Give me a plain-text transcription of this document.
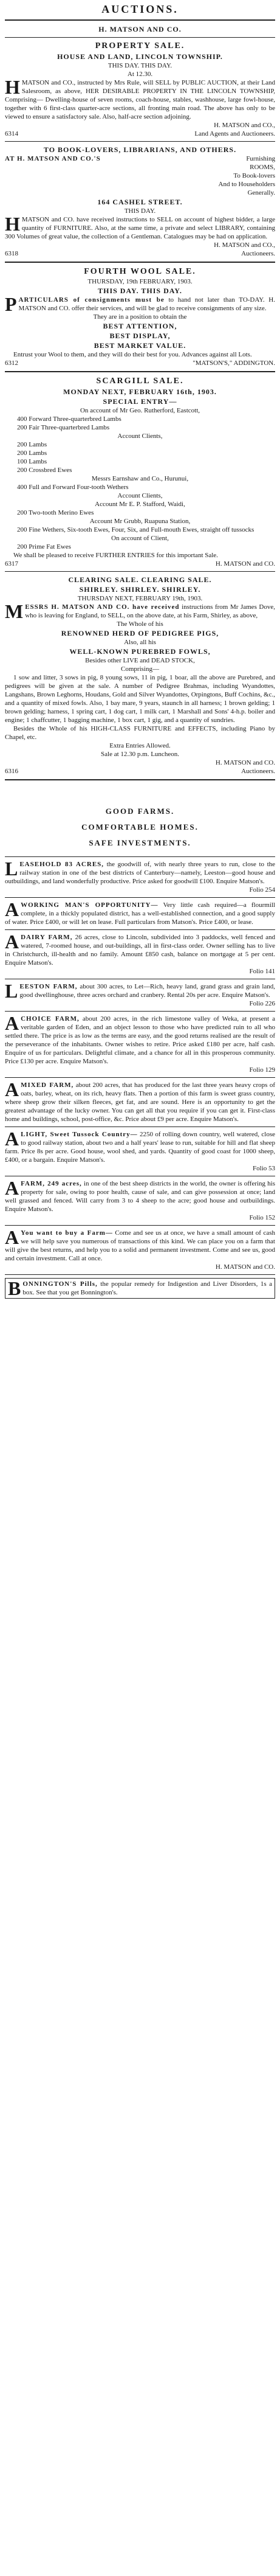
AUCTIONS.

H. MATSON AND CO.

PROPERTY SALE.

HOUSE AND LAND, LINCOLN TOWNSHIP.

THIS DAY. THIS DAY.

At 12.30.

H MATSON and CO., instructed by Mrs Rule, will SELL by PUBLIC AUCTION, at their Land Salesroom, as above, HER DESIRABLE PROPERTY IN THE LINCOLN TOWNSHIP, Comprising— Dwelling-house of seven rooms, coach-house, stables, washhouse, large fowl-house, together with 6 first-class quarter-acre sections, all fronting main road. The above has only to be viewed to ensure a satisfactory sale. Also, half-acre section adjoining.

H. MATSON and CO.,

6314	Land Agents and Auctioneers.

TO BOOK-LOVERS, LIBRARIANS, AND OTHERS.

AT H. MATSON AND CO.'S	Furnishing

ROOMS,

To Book-lovers

And to Householders

Generally.

164 CASHEL STREET.

THIS DAY.

H MATSON and CO. have received instructions to SELL on account of highest bidder, a large quantity of FURNITURE. Also, at the same time, a private and select LIBRARY, containing 300 Volumes of great value, the collection of a Gentleman. Catalogues may be had on application.

H. MATSON and CO.,

6318	Auctioneers.

FOURTH WOOL SALE.

THURSDAY, 19th FEBRUARY, 1903.

THIS DAY. THIS DAY.

P ARTICULARS of consignments must be to hand not later than TO-DAY. H. MATSON and CO. offer their services, and will be glad to receive consignments of any size.

They are in a position to obtain the

BEST ATTENTION,

BEST DISPLAY,

BEST MARKET VALUE.

Entrust your Wool to them, and they will do their best for you. Advances against all Lots.

6312	"MATSON'S," ADDINGTON.

SCARGILL SALE.

MONDAY NEXT, FEBRUARY 16th, 1903.

SPECIAL ENTRY—

On account of Mr Geo. Rutherford, Eastcott,

400 Forward Three-quarterbred Lambs

200 Fair Three-quarterbred Lambs

Account Clients,

200 Lambs

200 Lambs

100 Lambs

200 Crossbred Ewes

Messrs Earnshaw and Co., Hurunui,

400 Full and Forward Four-tooth Wethers

Account Clients,

Account Mr E. P. Stafford, Waidi,

200 Two-tooth Merino Ewes

Account Mr Grubb, Ruapuna Station,

200 Fine Wethers, Six-tooth Ewes, Four, Six, and Full-mouth Ewes, straight off tussocks

On account of Client,

200 Prime Fat Ewes

We shall be pleased to receive FURTHER ENTRIES for this important Sale.

6317	H. MATSON and CO.

CLEARING SALE. CLEARING SALE.

SHIRLEY. SHIRLEY. SHIRLEY.

THURSDAY NEXT, FEBRUARY 19th, 1903.

M ESSRS H. MATSON AND CO. have received instructions from Mr James Dove, who is leaving for England, to SELL, on the above date, at his Farm, Shirley, as above,

The Whole of his

RENOWNED HERD OF PEDIGREE PIGS,

Also, all his

WELL-KNOWN PUREBRED FOWLS,

Besides other LIVE and DEAD STOCK,

Comprising—

1 sow and litter, 3 sows in pig, 8 young sows, 11 in pig, 1 boar, all the above are Purebred, and pedigrees will be given at the sale. A number of Pedigree Brahmas, including Wyandottes, Langshans, Brown Leghorns, Houdans, Gold and Silver Wyandottes, Orpingtons, Buff Cochins, &c., and a quantity of mixed fowls. Also, 1 bay mare, 9 years, staunch in all harness; 1 brown gelding; 1 brown gelding; harness, 1 spring cart, 1 dog cart, 1 milk cart, 1 Marshall and Sons' 4-h.p. boiler and engine; 1 chaffcutter, 1 bagging machine, 1 box cart, 1 gig, and a quantity of sundries.

Besides the Whole of his HIGH-CLASS FURNITURE and EFFECTS, including Piano by Chapel, etc.

Extra Entries Allowed.

Sale at 12.30 p.m. Luncheon.

H. MATSON and CO.

6316	Auctioneers.

GOOD FARMS.

COMFORTABLE HOMES.

SAFE INVESTMENTS.

L EASEHOLD 83 ACRES, the goodwill of, with nearly three years to run, close to the railway station in one of the best districts of Canterbury—namely, Leeston—good house and outbuildings, and land wonderfully productive. Price asked for goodwill £100. Enquire Matson's.

Folio 254

A WORKING MAN'S OPPORTUNITY— Very little cash required—a flourmill complete, in a thickly populated district, has a well-established connection, and a good supply of water. Price £400, or will let on lease. Full particulars from Matson's. Price £400, or lease.

A DAIRY FARM, 26 acres, close to Lincoln, subdivided into 3 paddocks, well fenced and watered, 7-roomed house, and out-buildings, all in first-class order. Owner selling has to live in Christchurch, ill-health and no family. Amount £850 cash, balance on mortgage at 5 per cent. Enquire Matson's.

Folio 141

L EESTON FARM, about 300 acres, to Let—Rich, heavy land, grand grass and grain land, good dwellinghouse, three acres orchard and cranbery. Rental 20s per acre. Enquire Matson's.

Folio 226

A CHOICE FARM, about 200 acres, in the rich limestone valley of Weka, at present a veritable garden of Eden, and an object lesson to those who have predicted ruin to all who settled there. The price is as low as the terms are easy, and the good returns realised are the result of the perseverance of the inhabitants. Owner wishes to retire. Price asked £180 per acre, half cash. Enquire of us for particulars. Delightful climate, and a chance for all in this prosperous community. Price £130 per acre. Enquire Matson's.

Folio 129

A MIXED FARM, about 200 acres, that has produced for the last three years heavy crops of oats, barley, wheat, on its rich, heavy flats. Then a portion of this farm is sweet grass country, where sheep grow their silken fleeces, get fat, and are sound. Here is an opportunity to get the greatest advantage of the lucky owner. You can get all that you require if you can get it. First-class home and buildings, school, post-office, &c. Price about £9 per acre. Enquire Matson's.

A LIGHT, Sweet Tussock Country— 2250 of rolling down country, well watered, close to good railway station, about two and a half years' lease to run, suitable for hill and flat sheep farm. Price 8s per acre. Good house, wool shed, and yards. Quantity of good coast for 1000 sheep, £400, or a bargain. Enquire Matson's.

Folio 53

A FARM, 249 acres, in one of the best sheep districts in the world, the owner is offering his property for sale, owing to poor health, cause of sale, and can give possession at once; land well grassed and fenced. Will carry from 3 to 4 sheep to the acre; good house and outbuildings. Enquire Matson's.

Folio 152

A You want to buy a Farm— Come and see us at once, we have a small amount of cash we will help save you numerous of transactions of this kind. We can place you on a farm that will give the best returns, and help you to a solid and permanent investment. Come and see us, good and certain investment. Call at once.

H. MATSON and CO.

B ONNINGTON'S Pills, the popular remedy for Indigestion and Liver Disorders, 1s a box. See that you get Bonnington's.
